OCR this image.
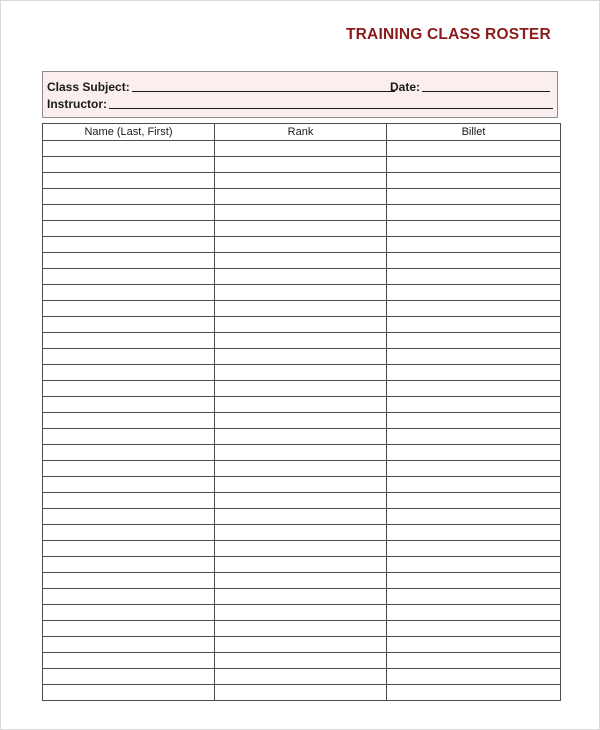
TRAINING CLASS ROSTER
Class Subject:	Date:
Instructor:
Name (Last, First)	Rank	Billet
